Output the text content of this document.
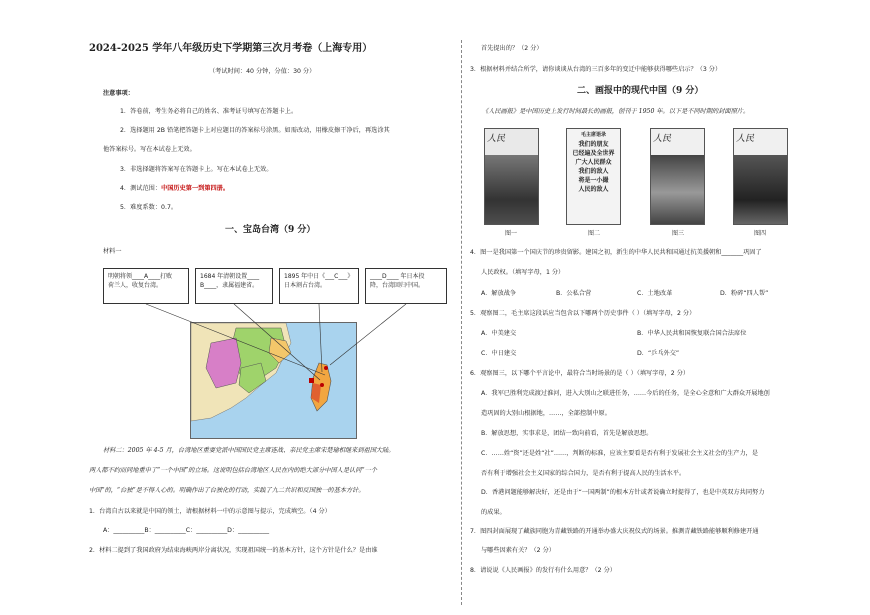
2024-2025 学年八年级历史下学期第三次月考卷（上海专用）
（考试时间：40 分钟，分值：30 分）
注意事项：
1．答卷前，考生务必将自己的姓名、准考证号填写在答题卡上。
2．选择题用 2B 铅笔把答题卡上对应题目的答案标号涂黑。如需改动，用橡皮擦干净后，再选涂其
他答案标号。写在本试卷上无效。
3．非选择题将答案写在答题卡上。写在本试卷上无效。
4．测试范围：中国历史第一到第四册。
5．难度系数：0.7。
一、宝岛台湾（9 分）
材料一
明朝将领____A____打败
荷兰人，收复台湾。
1684 年清朝设置____
B____，隶属福建省。
1895 年中日《___C___》
日本割占台湾。
____D____ 年日本投
降，台湾回归中国。
材料二：2005 年 4-5 月，台湾地区重要党派中国国民党主席连战、亲民党主席宋楚瑜相继来到祖国大陆。
两人都不约而同地重申了“一个中国”的立场。这说明包括台湾地区人民在内的绝大部分中国人是认同“一个
中国”的，“台独”是不得人心的。明确作出了台独化的行动，实践了九二共识和反国独一的基本方针。
1．台湾自古以来就是中国的领土，请根据材料一中的示意图与提示，完成填空。（4 分）
A：__________B：__________C：__________D：__________
2．材料二提到了我国政府为结束海峡两岸分离状况，实现祖国统一的基本方针，这个方针是什么？是由谁
首先提出的？（2 分）
3．根据材料并结合所学，请你谈谈从台湾的三百多年的变迁中能够获得哪些启示？（3 分）
二、画报中的现代中国（9 分）
《人民画报》是中国历史上发行时间最长的画报，创刊于 1950 年。以下是不同时期的封面照片。
人民	毛主席语录
我们的朋友
已经遍及全世界
广大人民群众
我们的敌人
将是一小撮
人民的敌人
人民	人民
图一	图二	图三	图四
4．图一是我国第一个国庆节的珍贵留影。建国之初，新生的中华人民共和国通过抗美援朝和_______巩固了
人民政权。（填写字母，1 分）
A．解放战争	B．公私合营	C．土地改革	D．粉碎“四人帮”
5．观察图二，毛主席这段话应当包含以下哪两个历史事件（ ）（填写字母，2 分）
A．中美建交	B．中华人民共和国恢复联合国合法席位
C．中日建交	D．“乒乓外交”
6．观察图三，以下哪个平言论中，最符合当时场景的是（ ）（填写字母，2 分）
A．我军已胜利完成渡过淮河，进入大别山之联进任务，……今后的任务，是全心全意和广大群众开展地创
造巩固的大别山根据地，……，全部控制中原。
B．解放思想，实事求是，团结一致向前看，首先是解放思想。
C．……姓“资”还是姓“社”……，判断的标准，应该主要看是否有利于发展社会主义社会的生产力，是
否有利于增强社会主义国家的综合国力，是否有利于提高人民的生活水平。
D．香港问题能够解决好，还是由于“一国两制”的根本方针或者说确立时提得了，也是中英双方共同努力
的成果。
7．图四封面展现了藏族同胞为青藏铁路的开通举办盛大庆祝仪式的场景。推测青藏铁路能够顺利修建开通
与哪些因素有关？（2 分）
8．请说说《人民画报》的发行有什么用意？（2 分）
